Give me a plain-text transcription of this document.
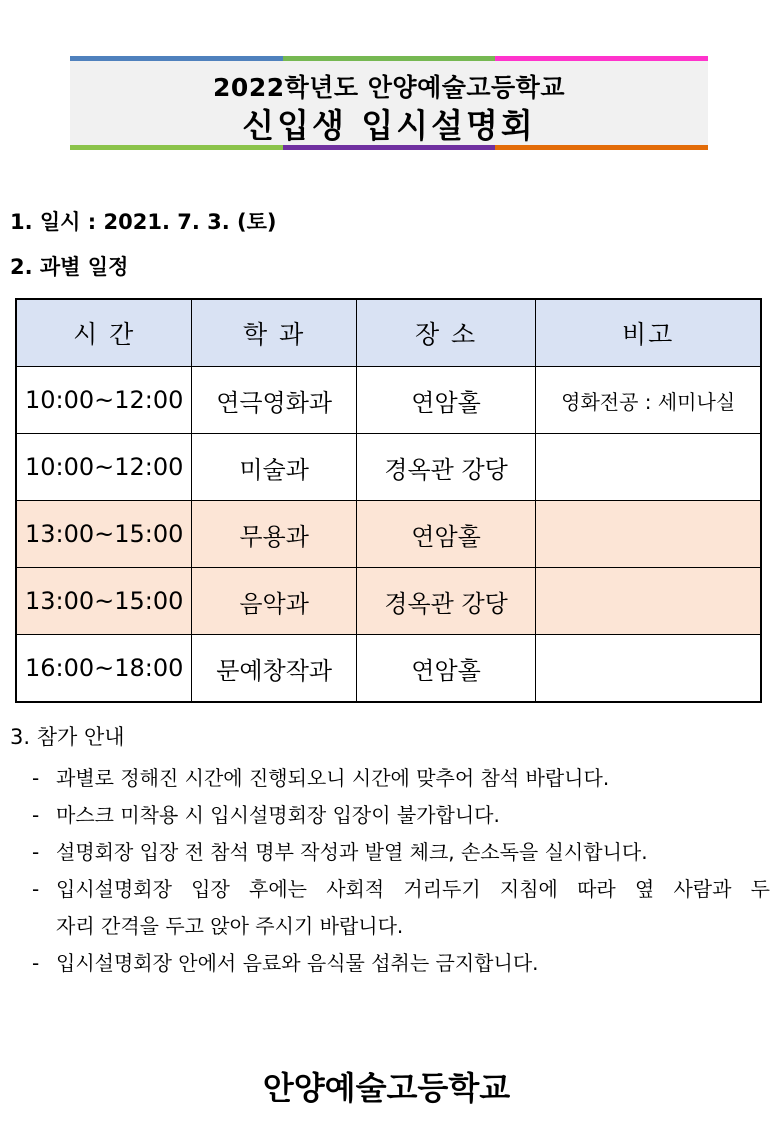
2022학년도 안양예술고등학교
신입생 입시설명회
1. 일시 : 2021. 7. 3. (토)
2. 과별 일정
시 간	학 과	장 소	비고
10:00~12:00	연극영화과	연암홀	영화전공 : 세미나실
10:00~12:00	미술과	경옥관 강당	
13:00~15:00	무용과	연암홀	
13:00~15:00	음악과	경옥관 강당	
16:00~18:00	문예창작과	연암홀	
3. 참가 안내
- 과별로 정해진 시간에 진행되오니 시간에 맞추어 참석 바랍니다.
- 마스크 미착용 시 입시설명회장 입장이 불가합니다.
- 설명회장 입장 전 참석 명부 작성과 발열 체크, 손소독을 실시합니다.
- 입시설명회장 입장 후에는 사회적 거리두기 지침에 따라 옆 사람과 두
자리 간격을 두고 앉아 주시기 바랍니다.
- 입시설명회장 안에서 음료와 음식물 섭취는 금지합니다.
안양예술고등학교
